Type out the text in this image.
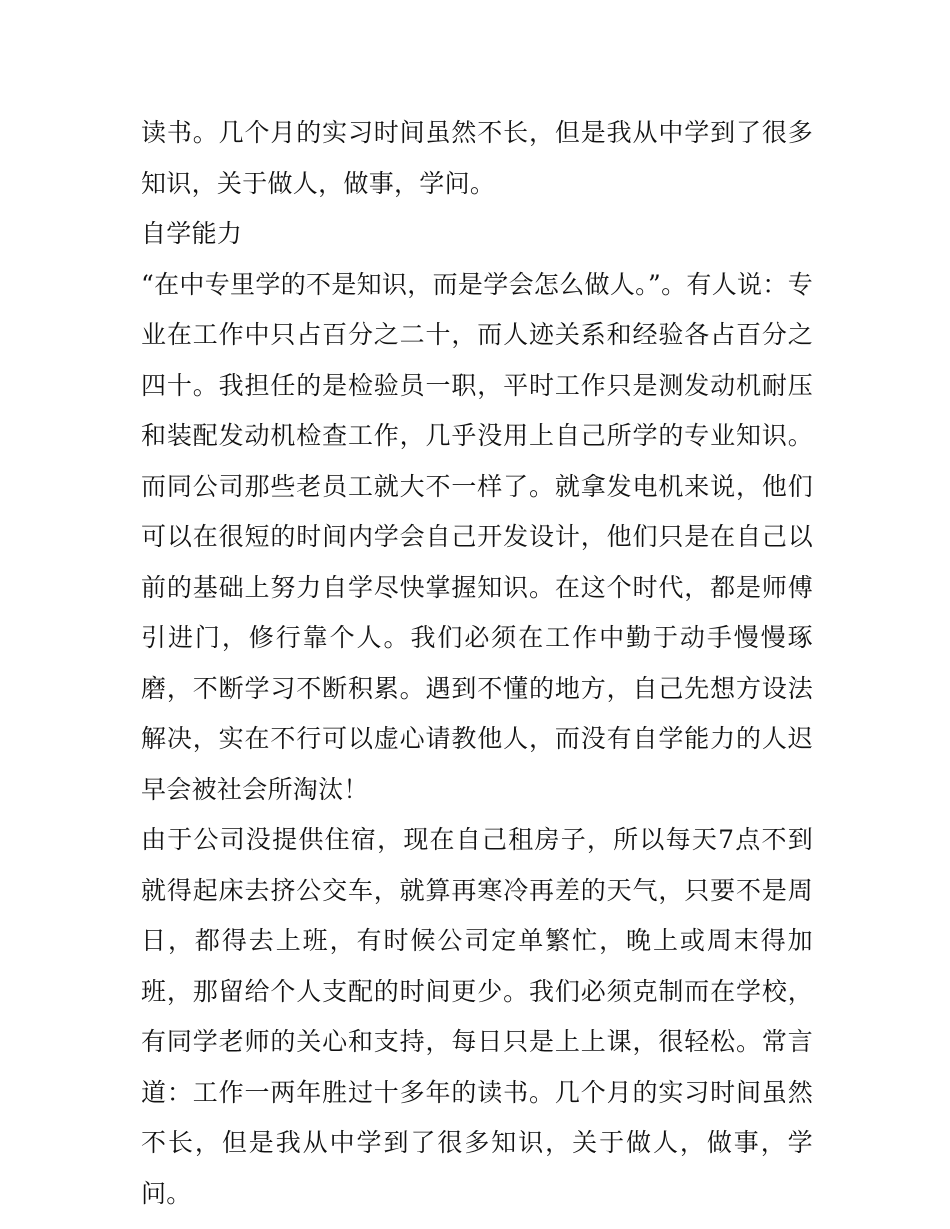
读书。几个月的实习时间虽然不长，但是我从中学到了很多知识，关于做人，做事，学问。

自学能力

“在中专里学的不是知识，而是学会怎么做人。”。有人说：专业在工作中只占百分之二十，而人迹关系和经验各占百分之四十。我担任的是检验员一职，平时工作只是测发动机耐压和装配发动机检查工作，几乎没用上自己所学的专业知识。而同公司那些老员工就大不一样了。就拿发电机来说，他们可以在很短的时间内学会自己开发设计，他们只是在自己以前的基础上努力自学尽快掌握知识。在这个时代，都是师傅引进门，修行靠个人。我们必须在工作中勤于动手慢慢琢磨，不断学习不断积累。遇到不懂的地方，自己先想方设法解决，实在不行可以虚心请教他人，而没有自学能力的人迟早会被社会所淘汰！

由于公司没提供住宿，现在自己租房子，所以每天7点不到就得起床去挤公交车，就算再寒冷再差的天气，只要不是周日，都得去上班，有时候公司定单繁忙，晚上或周末得加班，那留给个人支配的时间更少。我们必须克制而在学校，有同学老师的关心和支持，每日只是上上课，很轻松。常言道：工作一两年胜过十多年的读书。几个月的实习时间虽然不长，但是我从中学到了很多知识，关于做人，做事，学问。
